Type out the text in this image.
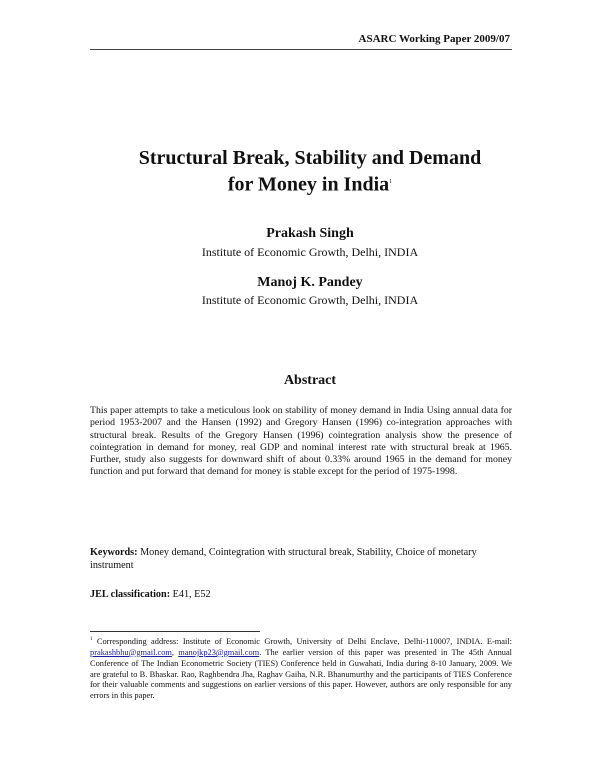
ASARC Working Paper 2009/07
Structural Break, Stability and Demand
for Money in India$^1$
Prakash Singh
Institute of Economic Growth, Delhi, INDIA
Manoj K. Pandey
Institute of Economic Growth, Delhi, INDIA
Abstract
This paper attempts to take a meticulous look on stability of money demand in India Using annual data for period 1953-2007 and the Hansen (1992) and Gregory Hansen (1996) co-integration approaches with structural break. Results of the Gregory Hansen (1996) cointegration analysis show the presence of cointegration in demand for money, real GDP and nominal interest rate with structural break at 1965. Further, study also suggests for downward shift of about 0.33% around 1965 in the demand for money function and put forward that demand for money is stable except for the period of 1975-1998.
Keywords: Money demand, Cointegration with structural break, Stability, Choice of monetary instrument
JEL classification: E41, E52
$^1$ Corresponding address: Institute of Economic Growth, University of Delhi Enclave, Delhi-110007, INDIA. E-mail: prakashbhu@gmail.com, manojkp23@gmail.com. The earlier version of this paper was presented in The 45th Annual Conference of The Indian Econometric Society (TIES) Conference held in Guwahati, India during 8-10 January, 2009. We are grateful to B. Bhaskar. Rao, Raghbendra Jha, Raghav Gaiha, N.R. Bhanumurthy and the participants of TIES Conference for their valuable comments and suggestions on earlier versions of this paper. However, authors are only responsible for any errors in this paper.
